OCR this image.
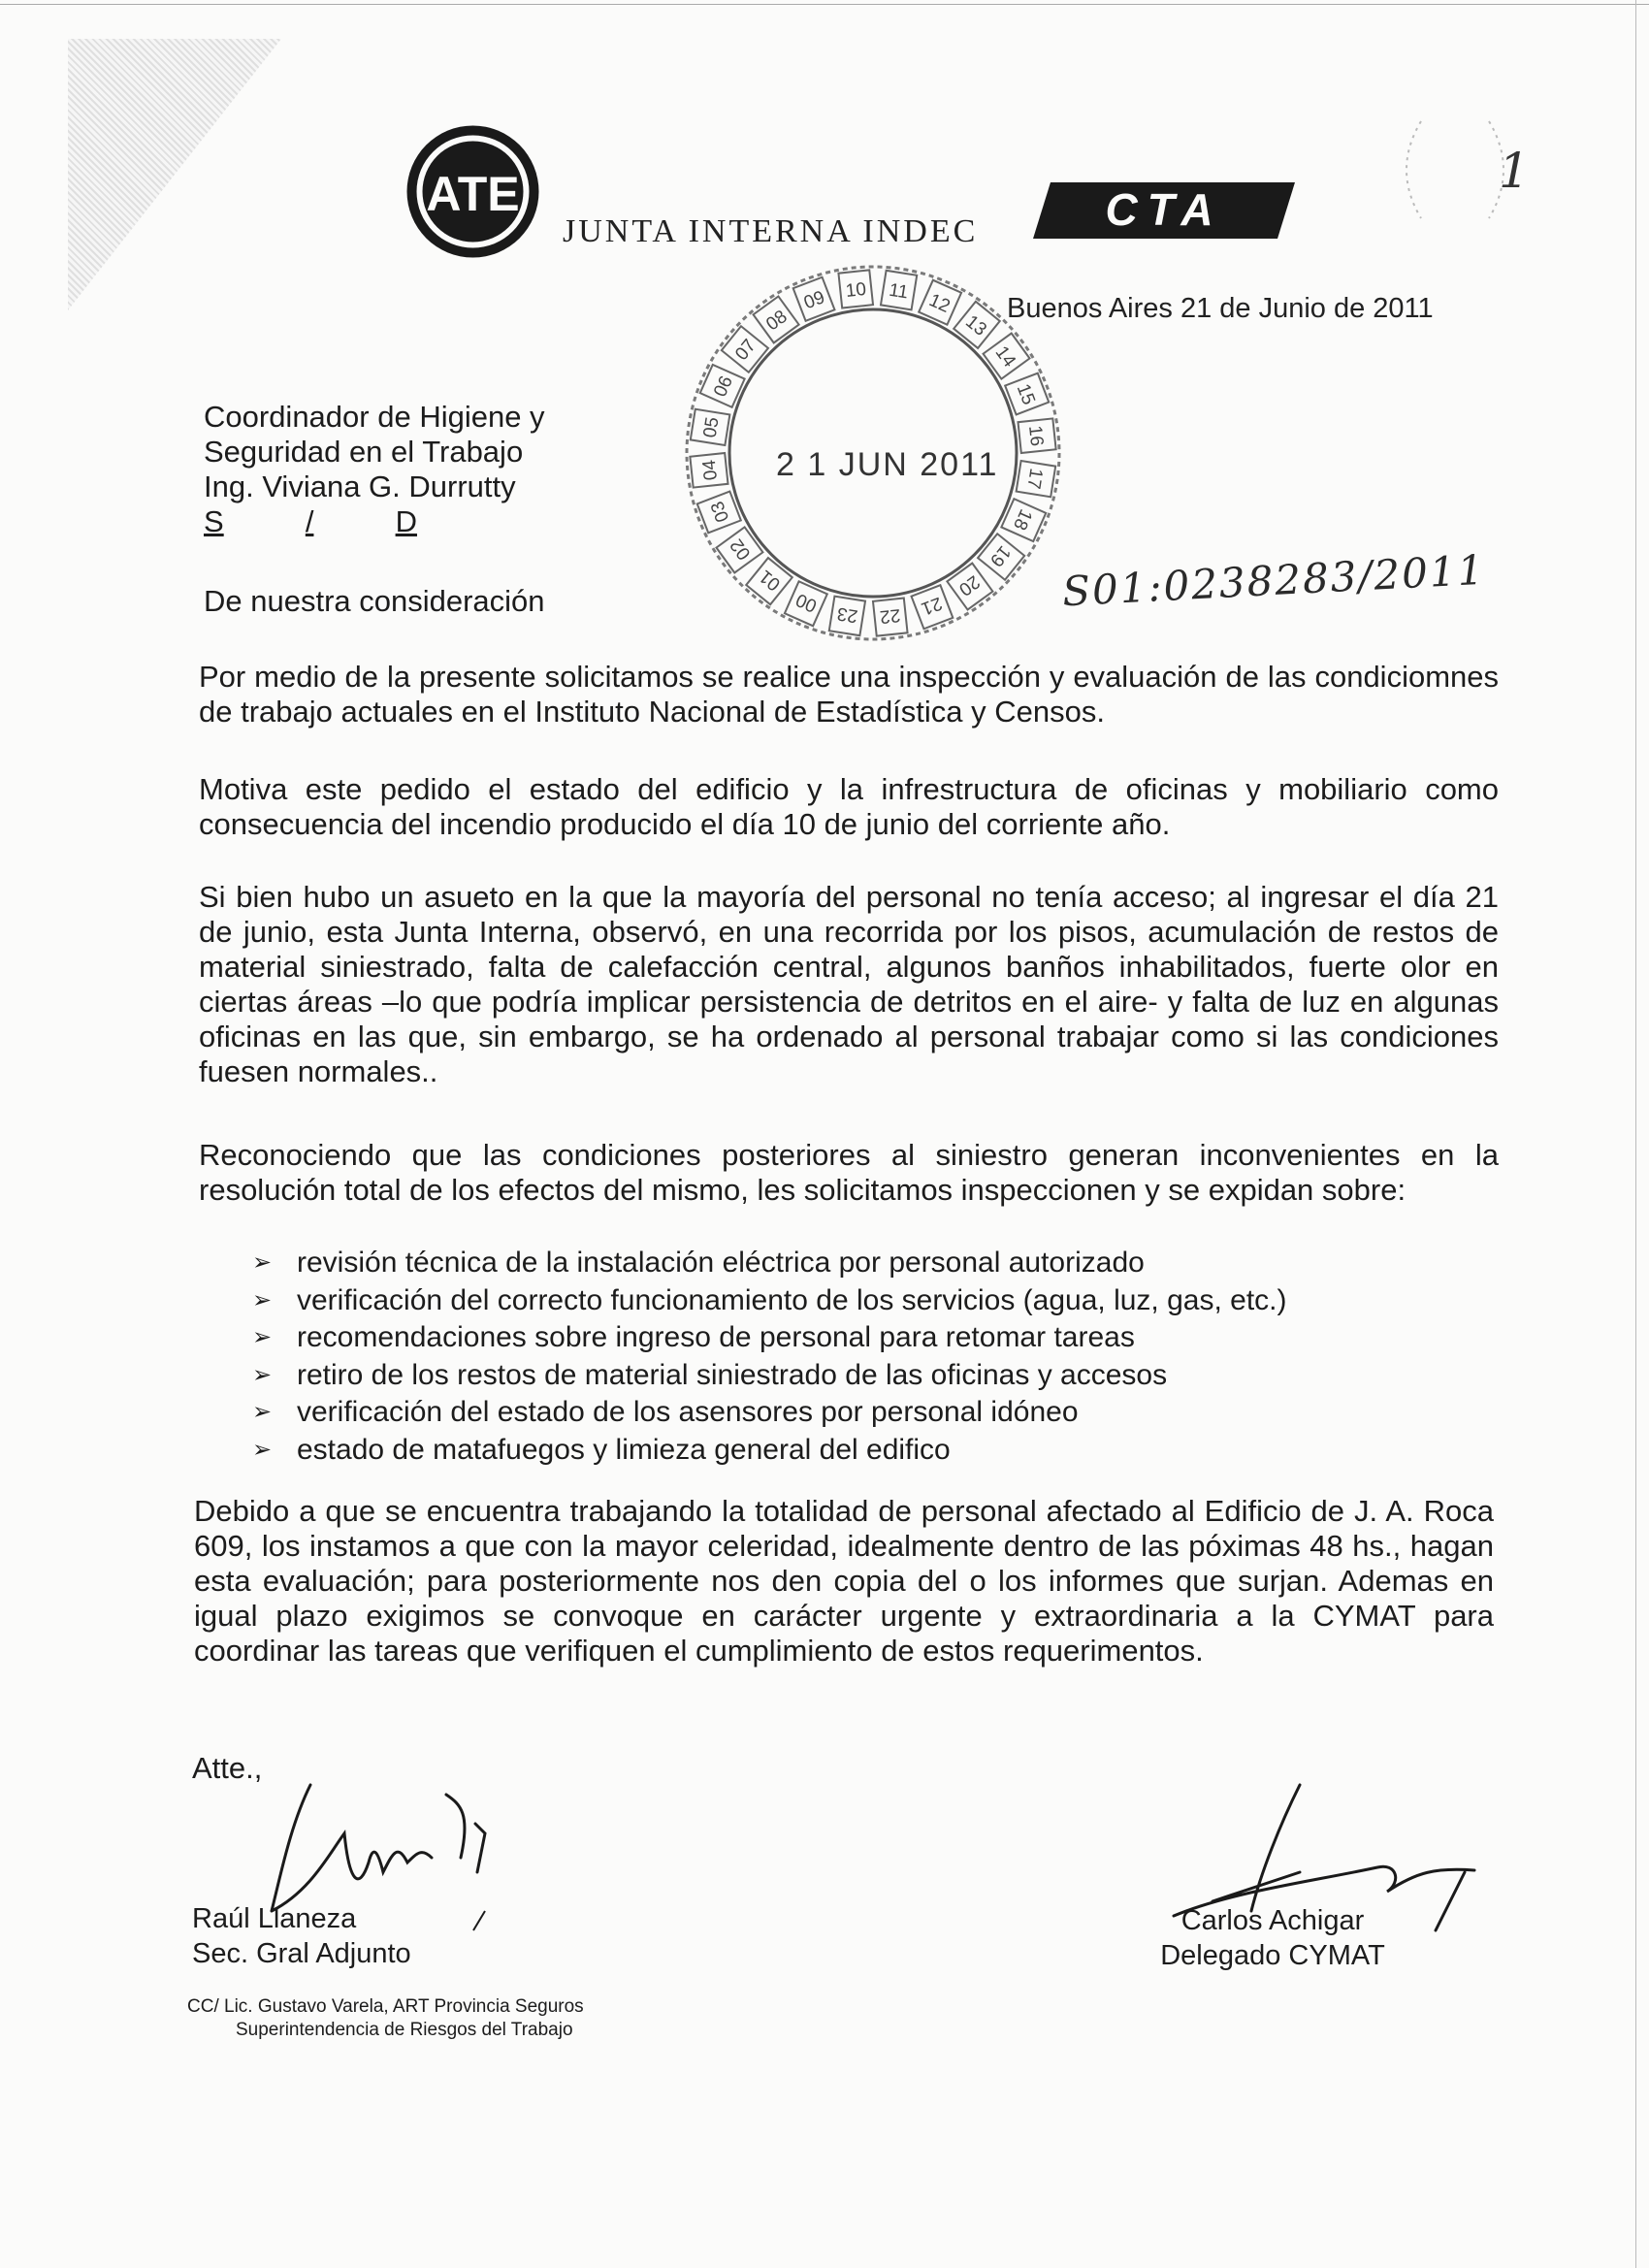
ATE
JUNTA INTERNA INDEC	CTA
1
10 11 12
13
14
15
16
17
18
19
20
21
22
23
00
01
02
03
04
05
06
07
08
09
2 1 JUN 2011
Buenos Aires 21 de Junio de 2011
Coordinador de Higiene y
Seguridad en el Trabajo
Ing. Viviana G. Durrutty
S	/	D
S01:0238283/2011
De nuestra consideración

Por medio de la presente solicitamos se realice una inspección y evaluación de las condiciomnes de trabajo actuales en el Instituto Nacional de Estadística y Censos.

Motiva este pedido el estado del edificio y la infrestructura de oficinas y mobiliario como consecuencia del incendio producido el día 10 de junio del corriente año.

Si bien hubo un asueto en la que la mayoría del personal no tenía acceso; al ingresar el día 21 de junio, esta Junta Interna, observó, en una recorrida por los pisos, acumulación de restos de material siniestrado, falta de calefacción central, algunos banños inhabilitados, fuerte olor en ciertas áreas –lo que podría implicar persistencia de detritos en el aire- y falta de luz en algunas oficinas en las que, sin embargo, se ha ordenado al personal trabajar como si las condiciones fuesen normales..

Reconociendo que las condiciones posteriores al siniestro generan inconvenientes en la resolución total de los efectos del mismo, les solicitamos inspeccionen y se expidan sobre:

➢ revisión técnica de la instalación eléctrica por personal autorizado
➢ verificación del correcto funcionamiento de los servicios (agua, luz, gas, etc.)
➢ recomendaciones sobre ingreso de personal para retomar tareas
➢ retiro de los restos de material siniestrado de las oficinas y accesos
➢ verificación del estado de los asensores por personal idóneo
➢ estado de matafuegos y limieza general del edifico

Debido a que se encuentra trabajando la totalidad de personal afectado al Edificio de J. A. Roca 609, los instamos a que con la mayor celeridad, idealmente dentro de las póximas 48 hs., hagan esta evaluación; para posteriormente nos den copia del o los informes que surjan. Ademas en igual plazo exigimos se convoque en carácter urgente y extraordinaria a la CYMAT para coordinar las tareas que verifiquen el cumplimiento de estos requerimentos.

Atte.,
Raúl Llaneza
Sec. Gral Adjunto
Carlos Achigar
Delegado CYMAT
CC/ Lic. Gustavo Varela, ART Provincia Seguros
Superintendencia de Riesgos del Trabajo
